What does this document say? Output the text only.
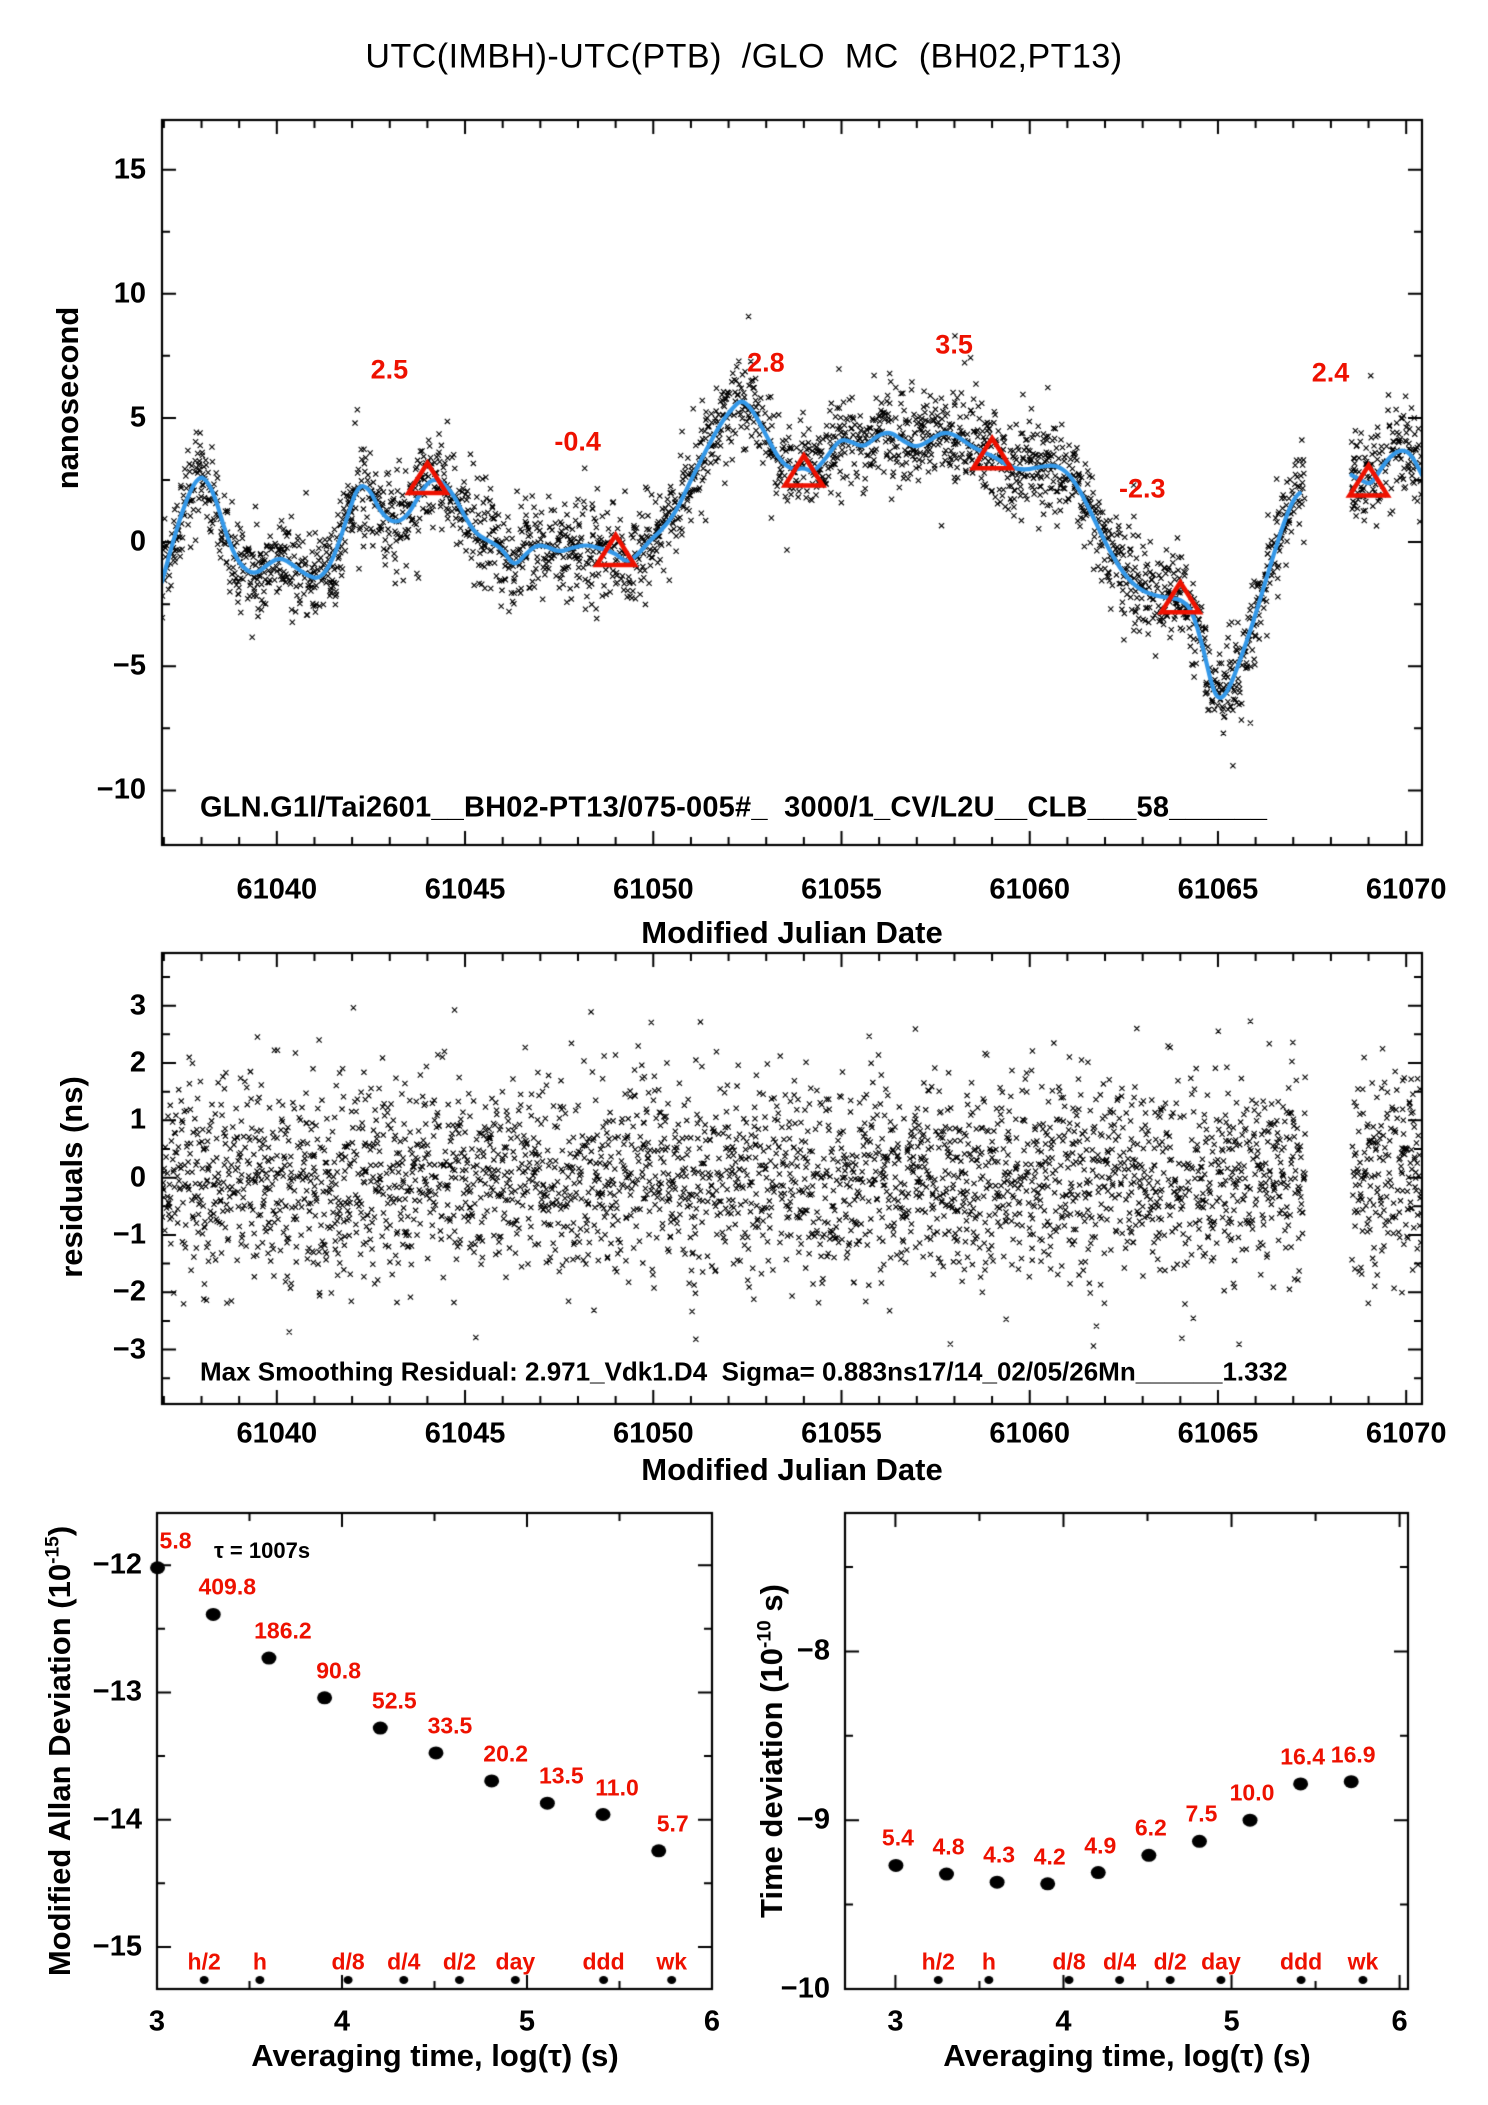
UTC(IMBH)-UTC(PTB)  /GLO  MC  (BH02,PT13)
nanosecond
Modified Julian Date
GLN.G1l/Tai2601__BH02-PT13/075-005#_  3000/1_CV/L2U__CLB___58______
residuals (ns)
Modified Julian Date
Max Smoothing Residual: 2.971_Vdk1.D4  Sigma= 0.883ns17/14_02/05/26Mn______1.332
Modified Allan Deviation $(10^{-15})$
Averaging time, log(τ) (s)
τ = 1007s
Time deviation ($10^{-10}$ s)
Averaging time, log(τ) (s)
2.5
-0.4
2.8
3.5
-2.3
2.4
15
10
5
0
−5
−10
61040	61045	61050	61055	61060	61065	61070
3
2
1
0
−1
−2
−3
61040	61045	61050	61055	61060	61065	61070
5.8
409.8
186.2
90.8
52.5
33.5
20.2
13.5 11.0
5.7
h/2 h	d/8 d/4 d/2 day ddd wk
−12
−13
−14
−15
3	4	5	6
5.4 4.8 4.3 4.2 4.9
6.2
7.5
10.0
16.4 16.9
h/2 h d/8 d/4 d/2 day ddd wk
−8
−9
−10
3	4	5	6
